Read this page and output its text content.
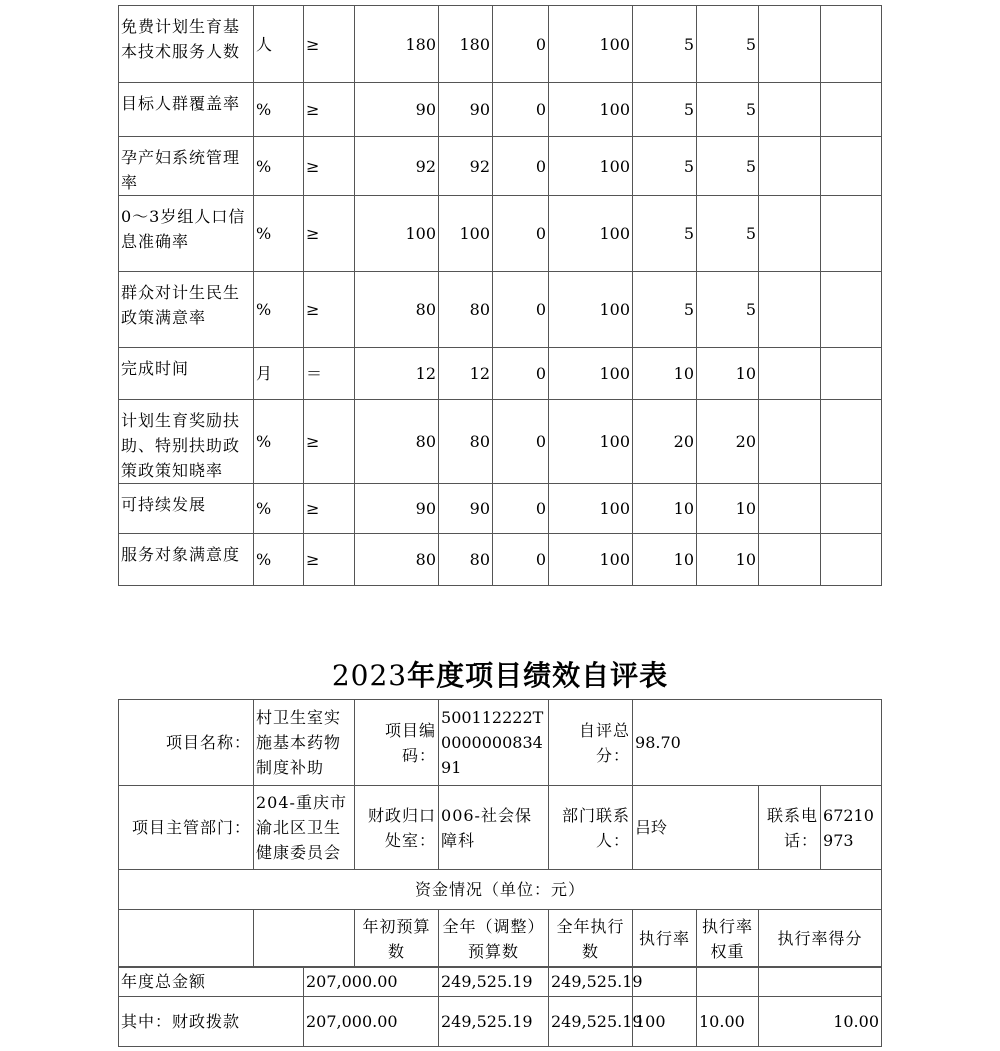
免费计划生育基本技术服务人数	人	≥	180	180	0	100	5	5		
目标人群覆盖率	%	≥	90	90	0	100	5	5		
孕产妇系统管理率	%	≥	92	92	0	100	5	5		
0～3岁组人口信息准确率	%	≥	100	100	0	100	5	5		
群众对计生民生政策满意率	%	≥	80	80	0	100	5	5		
完成时间	月	＝	12	12	0	100	10	10		
计划生育奖励扶助、特别扶助政策政策知晓率	%	≥	80	80	0	100	20	20		
可持续发展	%	≥	90	90	0	100	10	10		
服务对象满意度	%	≥	80	80	0	100	10	10		
2023年度项目绩效自评表
项目名称：	村卫生室实施基本药物制度补助	项目编码：	500112222T000000083491	自评总分：	98.70			
项目主管部门：	204-重庆市渝北区卫生健康委员会	财政归口处室：	006-社会保障科	部门联系人：	吕玲		联系电话：	67210973
资金情况（单位：元）								
		年初预算数	全年（调整）预算数	全年执行数	执行率	执行率权重	执行率得分	

年度总金额	207,000.00	249,525.19	249,525.19			
其中：财政拨款	207,000.00	249,525.19	249,525.19	100	10.00	10.00
